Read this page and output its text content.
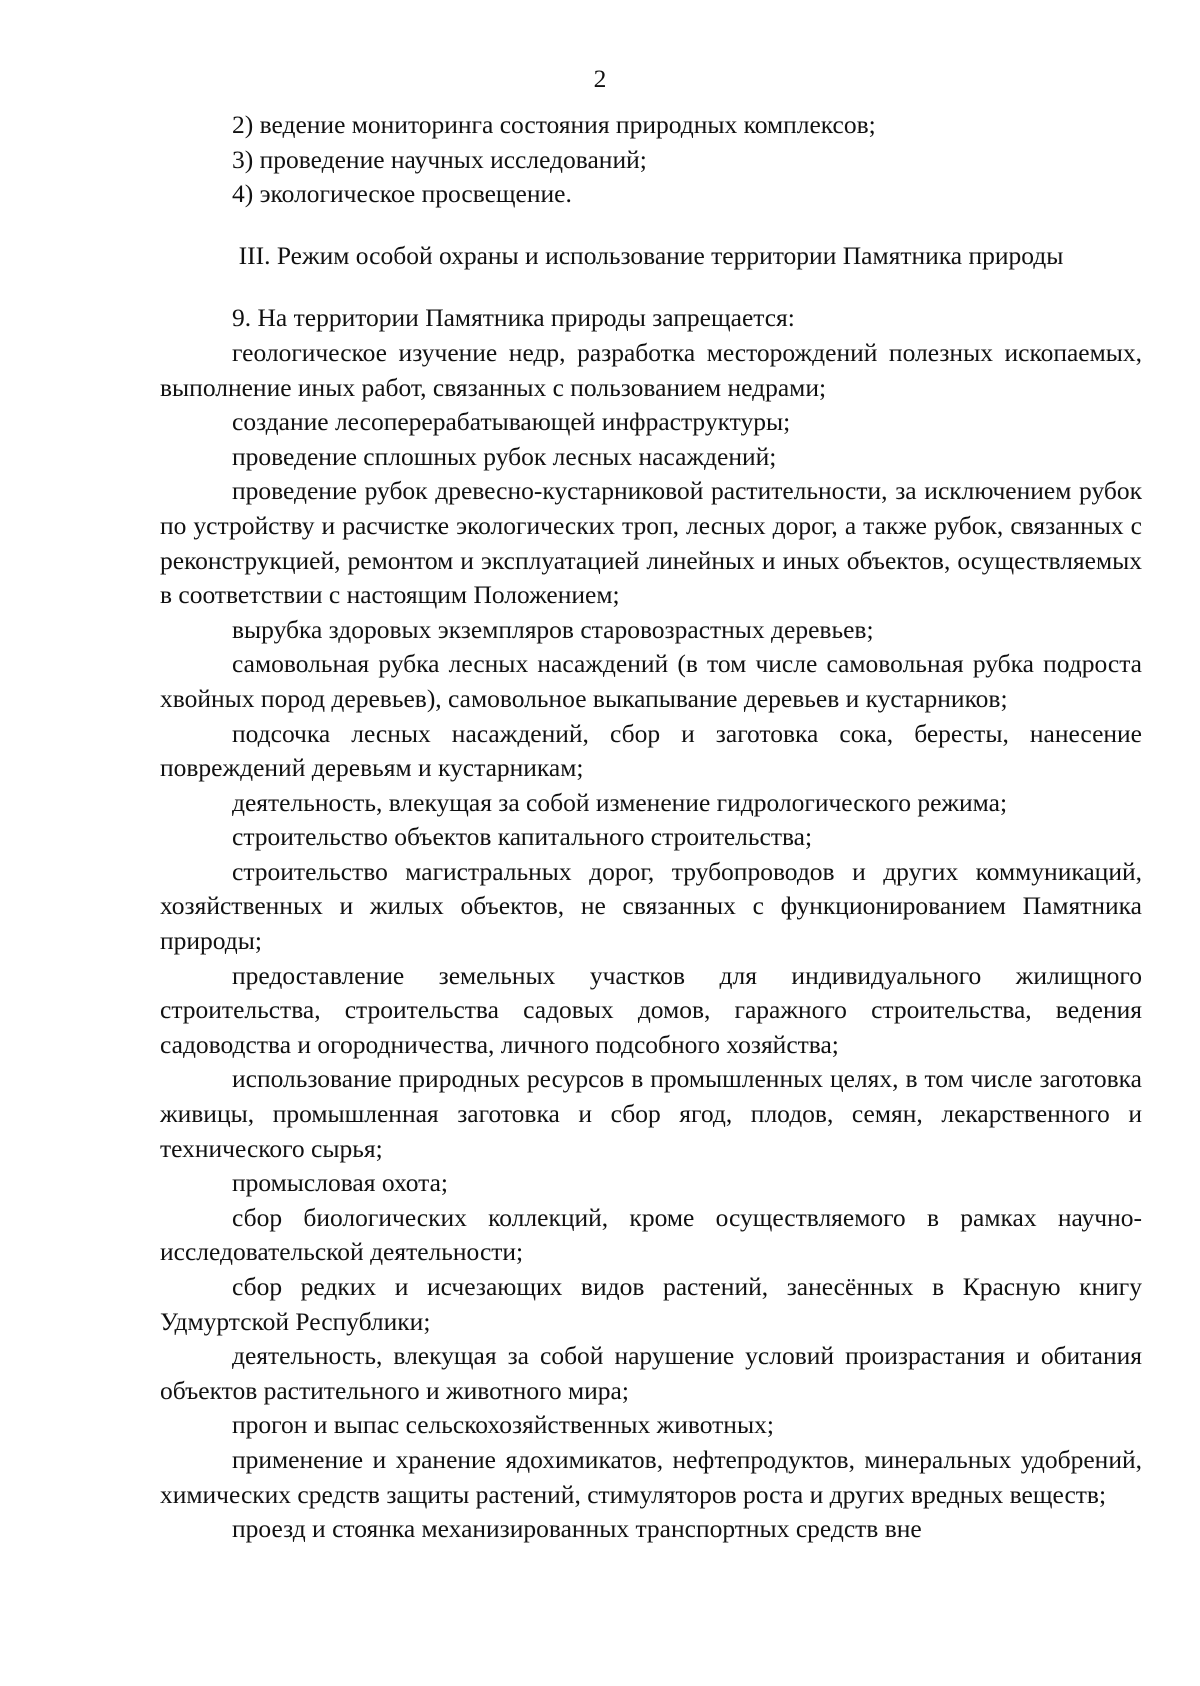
2

2) ведение мониторинга состояния природных комплексов;

3) проведение научных исследований;

4) экологическое просвещение.

III. Режим особой охраны и использование территории Памятника природы

9. На территории Памятника природы запрещается:

геологическое изучение недр, разработка месторождений полезных ископаемых, выполнение иных работ, связанных с пользованием недрами;

создание лесоперерабатывающей инфраструктуры;

проведение сплошных рубок лесных насаждений;

проведение рубок древесно-кустарниковой растительности, за исключением рубок по устройству и расчистке экологических троп, лесных дорог, а также рубок, связанных с реконструкцией, ремонтом и эксплуатацией линейных и иных объектов, осуществляемых в соответствии с настоящим Положением;

вырубка здоровых экземпляров старовозрастных деревьев;

самовольная рубка лесных насаждений (в том числе самовольная рубка подроста хвойных пород деревьев), самовольное выкапывание деревьев и кустарников;

подсочка лесных насаждений, сбор и заготовка сока, бересты, нанесение повреждений деревьям и кустарникам;

деятельность, влекущая за собой изменение гидрологического режима;

строительство объектов капитального строительства;

строительство магистральных дорог, трубопроводов и других коммуникаций, хозяйственных и жилых объектов, не связанных с функционированием Памятника природы;

предоставление земельных участков для индивидуального жилищного строительства, строительства садовых домов, гаражного строительства, ведения садоводства и огородничества, личного подсобного хозяйства;

использование природных ресурсов в промышленных целях, в том числе заготовка живицы, промышленная заготовка и сбор ягод, плодов, семян, лекарственного и технического сырья;

промысловая охота;

сбор биологических коллекций, кроме осуществляемого в рамках научно-исследовательской деятельности;

сбор редких и исчезающих видов растений, занесённых в Красную книгу Удмуртской Республики;

деятельность, влекущая за собой нарушение условий произрастания и обитания объектов растительного и животного мира;

прогон и выпас сельскохозяйственных животных;

применение и хранение ядохимикатов, нефтепродуктов, минеральных удобрений, химических средств защиты растений, стимуляторов роста и других вредных веществ;

проезд и стоянка механизированных транспортных средств вне
